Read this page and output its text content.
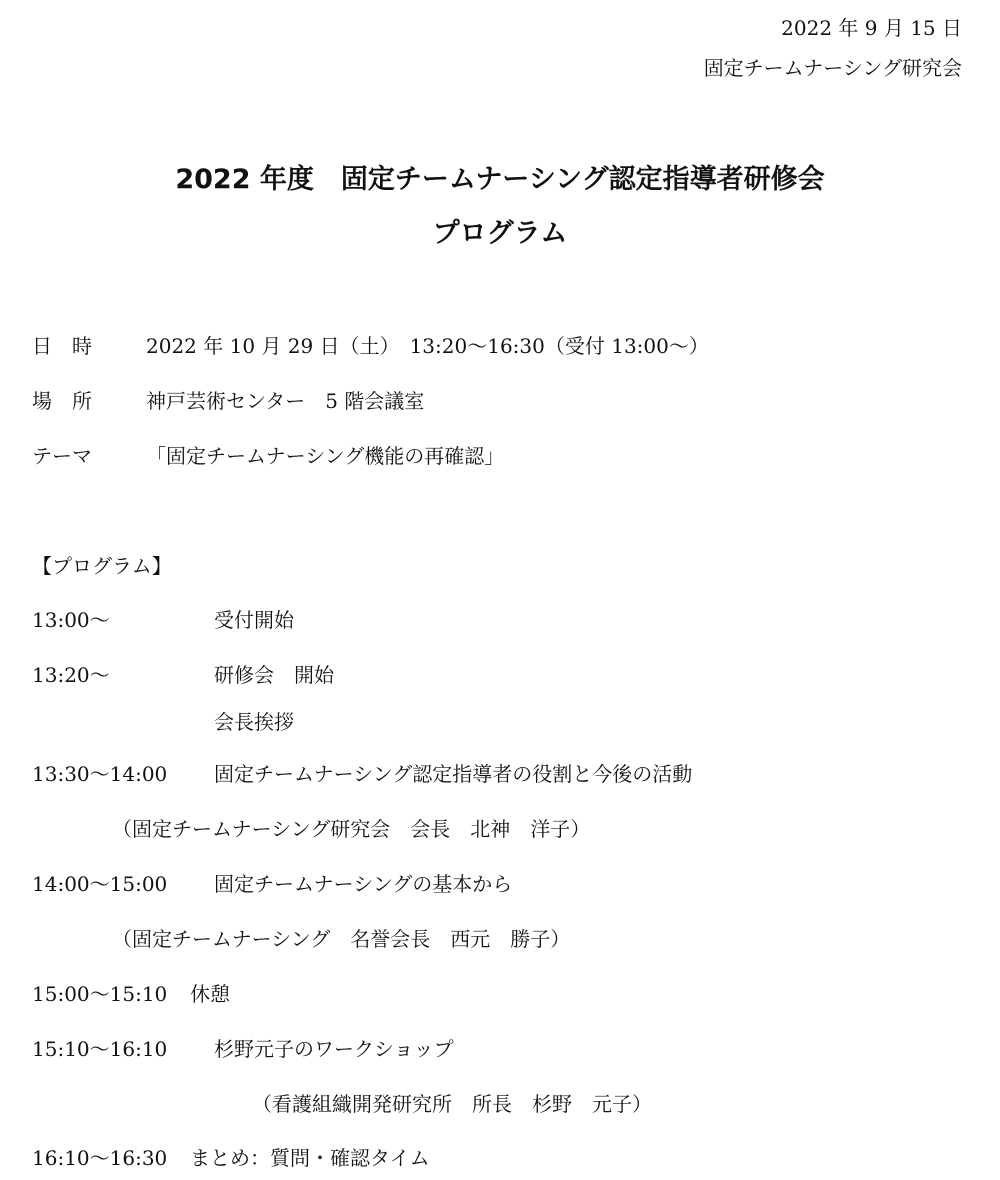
2022 年 9 月 15 日
固定チームナーシング研究会
2022 年度　固定チームナーシング認定指導者研修会
プログラム
日　時	2022 年 10 月 29 日（土）　13:20～16:30（受付 13:00～）
場　所	神戸芸術センター　5 階会議室
テーマ	「固定チームナーシング機能の再確認」
【プログラム】
13:00～	受付開始
13:20～	研修会　開始
会長挨拶
13:30～14:00 固定チームナーシング認定指導者の役割と今後の活動
（固定チームナーシング研究会　会長　北神　洋子）
14:00～15:00 固定チームナーシングの基本から
（固定チームナーシング　名誉会長　西元　勝子）
15:00～15:10 休憩
15:10～16:10 杉野元子のワークショップ
（看護組織開発研究所　所長　杉野　元子）
16:10～16:30 まとめ：質問・確認タイム
